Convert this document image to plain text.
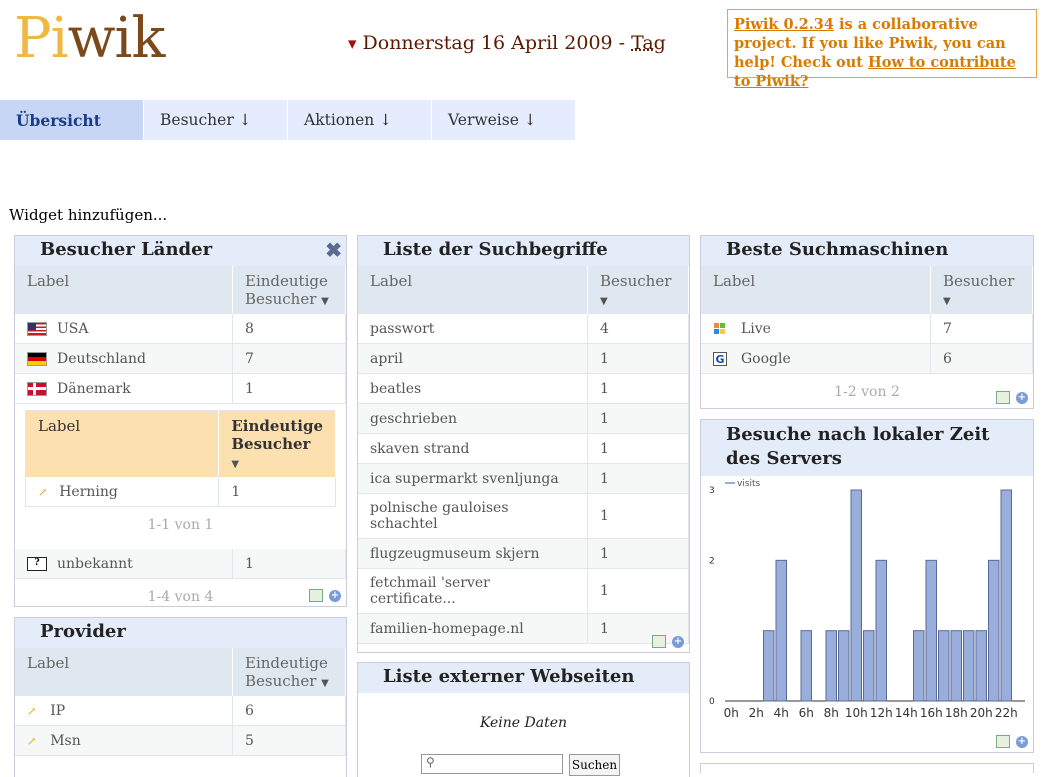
Piwik	▼ Donnerstag 16 April 2009 - Tag
Piwik 0.2.34 is a collaborative project. If you like Piwik, you can help! Check out How to contribute to Piwik?
Übersicht	Besucher ↓	Aktionen ↓	Verweise ↓
Widget hinzufügen...
Besucher Länder	✖
Label	Eindeutige Besucher ▼
USA	8
Deutschland	7
Dänemark	1
Label	Eindeutige Besucher ▼
↗ Herning	1
1-1 von 1
? unbekannt	1
1-4 von 4	+
Provider
Label	Eindeutige Besucher ▼
↗ IP	6
↗ Msn	5
Liste der Suchbegriffe
Label	Besucher ▼
passwort	4
april	1
beatles	1
geschrieben	1
skaven strand	1
ica supermarkt svenljunga	1
polnische gauloises schachtel	1
flugzeugmuseum skjern	1
fetchmail 'server certificate...	1
familien-homepage.nl	1
+
Liste externer Webseiten
Keine Daten
⚲	Suchen
Beste Suchmaschinen
Label	Besucher ▼
Live	7

G Google	6
1-2 von 2	+
Besuche nach lokaler Zeit des Servers
visits
0
2
3
0h 2h 4h 6h 8h 10h 12h 14h 16h 18h 20h 22h
+
